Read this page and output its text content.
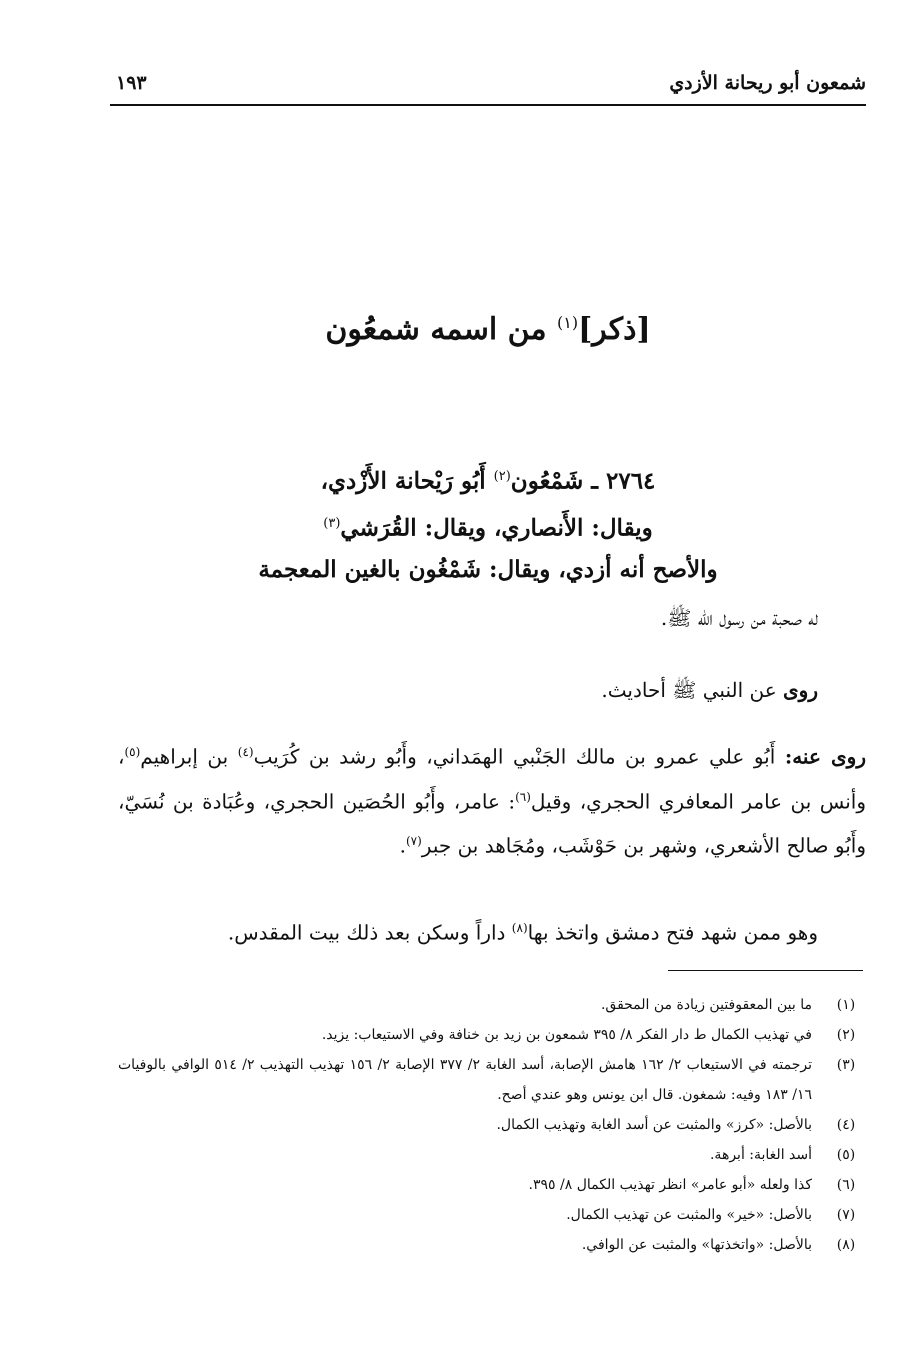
شمعون أبو ريحانة الأزدي
١٩٣
[ذكر]$^{(١)}$ من اسمه شمعُون
٢٧٦٤ ـ شَمْعُون$^{(٢)}$ أَبُو رَيْحانة الأَزْدي،
ويقال: الأَنصاري، ويقال: القُرَشي$^{(٣)}$
والأصح أنه أزدي، ويقال: شَمْغُون بالغين المعجمة
له صحبة من رسول الله ﷺ.
روى عن النبي ﷺ أحاديث.
روى عنه: أَبُو علي عمرو بن مالك الجَنْبي الهمَداني، وأَبُو رشد بن كُرَيب$^{(٤)}$ بن إبراهيم$^{(٥)}$، وأنس بن عامر المعافري الحجري، وقيل$^{(٦)}$: عامر، وأَبُو الحُصَين الحجري، وعُبَادة بن نُسَيّ، وأَبُو صالح الأشعري، وشهر بن حَوْشَب، ومُجَاهد بن جبر$^{(٧)}$.
وهو ممن شهد فتح دمشق واتخذ بها$^{(٨)}$ داراً وسكن بعد ذلك بيت المقدس.
(١)
ما بين المعقوفتين زيادة من المحقق.
(٢)
في تهذيب الكمال ط دار الفكر ٨/ ٣٩٥ شمعون بن زيد بن خنافة وفي الاستيعاب: يزيد.
(٣)
ترجمته في الاستيعاب ٢/ ١٦٢ هامش الإصابة، أسد الغابة ٢/ ٣٧٧ الإصابة ٢/ ١٥٦ تهذيب التهذيب ٢/ ٥١٤ الوافي بالوفيات ١٦/ ١٨٣ وفيه: شمغون. قال ابن يونس وهو عندي أصح.
(٤)
بالأصل: «كرز» والمثبت عن أسد الغابة وتهذيب الكمال.
(٥)
أسد الغابة: أبرهة.
(٦)
كذا ولعله «أبو عامر» انظر تهذيب الكمال ٨/ ٣٩٥.
(٧)
بالأصل: «خير» والمثبت عن تهذيب الكمال.
(٨)
بالأصل: «واتخذتها» والمثبت عن الوافي.
